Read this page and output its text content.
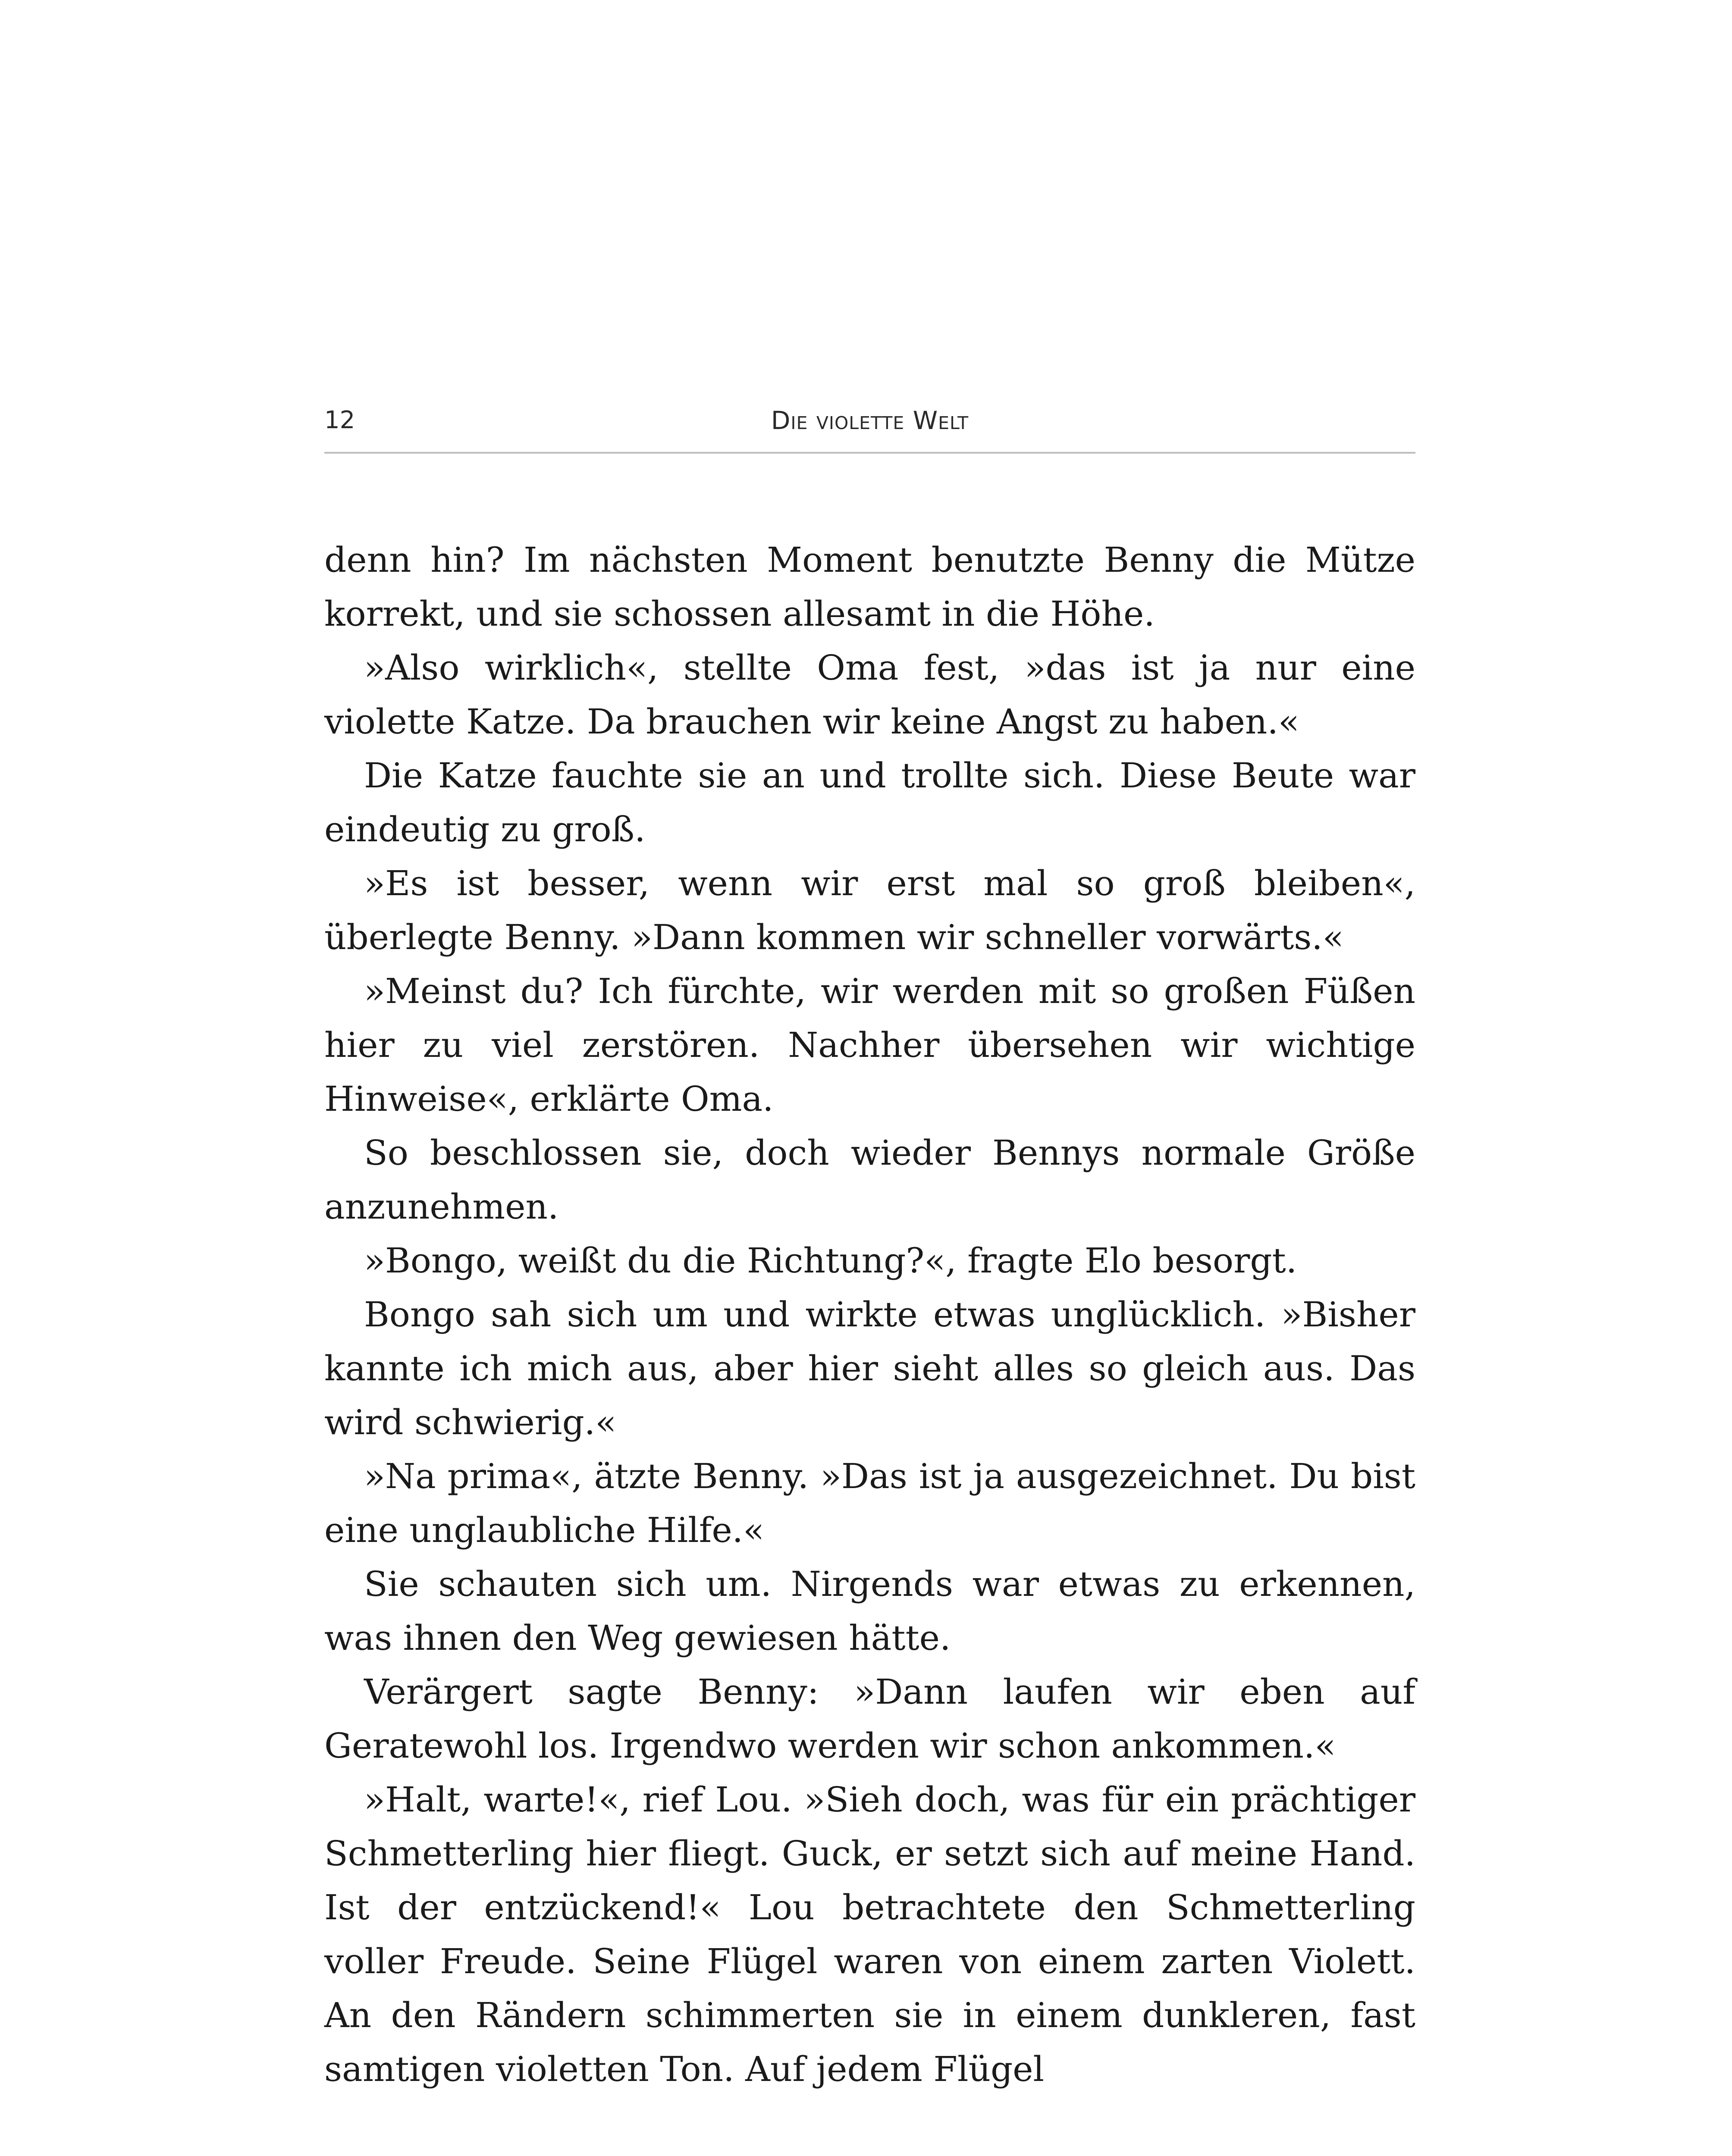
12	Die violette Welt

denn hin? Im nächsten Moment benutzte Benny die Mütze korrekt, und sie schossen allesamt in die Höhe.

»Also wirklich«, stellte Oma fest, »das ist ja nur eine violette Katze. Da brauchen wir keine Angst zu haben.«

Die Katze fauchte sie an und trollte sich. Diese Beute war eindeutig zu groß.

»Es ist besser, wenn wir erst mal so groß bleiben«, überlegte Benny. »Dann kommen wir schneller vorwärts.«

»Meinst du? Ich fürchte, wir werden mit so großen Füßen hier zu viel zerstören. Nachher übersehen wir wichtige Hinweise«, erklärte Oma.

So beschlossen sie, doch wieder Bennys normale Größe anzunehmen.

»Bongo, weißt du die Richtung?«, fragte Elo besorgt.

Bongo sah sich um und wirkte etwas unglücklich. »Bisher kannte ich mich aus, aber hier sieht alles so gleich aus. Das wird schwierig.«

»Na prima«, ätzte Benny. »Das ist ja ausgezeichnet. Du bist eine unglaubliche Hilfe.«

Sie schauten sich um. Nirgends war etwas zu erkennen, was ihnen den Weg gewiesen hätte.

Verärgert sagte Benny: »Dann laufen wir eben auf Geratewohl los. Irgendwo werden wir schon ankommen.«

»Halt, warte!«, rief Lou. »Sieh doch, was für ein prächtiger Schmetterling hier fliegt. Guck, er setzt sich auf meine Hand. Ist der entzückend!« Lou betrachtete den Schmetterling voller Freude. Seine Flügel waren von einem zarten Violett. An den Rändern schimmerten sie in einem dunkleren, fast samtigen violetten Ton. Auf jedem Flügel
